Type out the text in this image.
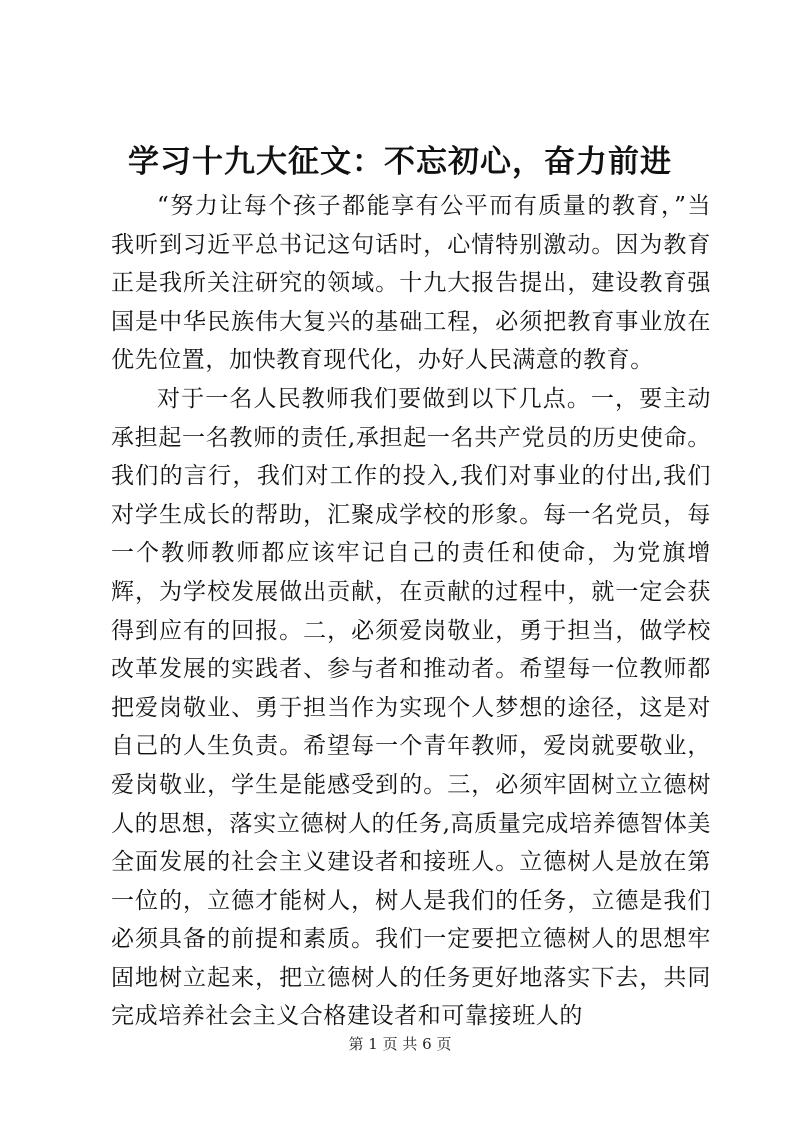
学习十九大征文：不忘初心，奋力前进

“努力让每个孩子都能享有公平而有质量的教育，”当我听到习近平总书记这句话时，心情特别激动。因为教育正是我所关注研究的领域。十九大报告提出，建设教育强国是中华民族伟大复兴的基础工程，必须把教育事业放在优先位置，加快教育现代化，办好人民满意的教育。

对于一名人民教师我们要做到以下几点。一，要主动承担起一名教师的责任,承担起一名共产党员的历史使命。我们的言行，我们对工作的投入,我们对事业的付出,我们对学生成长的帮助，汇聚成学校的形象。每一名党员，每一个教师教师都应该牢记自己的责任和使命，为党旗增辉，为学校发展做出贡献，在贡献的过程中，就一定会获得到应有的回报。二，必须爱岗敬业，勇于担当，做学校改革发展的实践者、参与者和推动者。希望每一位教师都把爱岗敬业、勇于担当作为实现个人梦想的途径，这是对自己的人生负责。希望每一个青年教师，爱岗就要敬业，爱岗敬业，学生是能感受到的。三，必须牢固树立立德树人的思想，落实立德树人的任务,高质量完成培养德智体美全面发展的社会主义建设者和接班人。立德树人是放在第一位的，立德才能树人，树人是我们的任务，立德是我们必须具备的前提和素质。我们一定要把立德树人的思想牢固地树立起来，把立德树人的任务更好地落实下去，共同完成培养社会主义合格建设者和可靠接班人的

第 1 页 共 6 页
